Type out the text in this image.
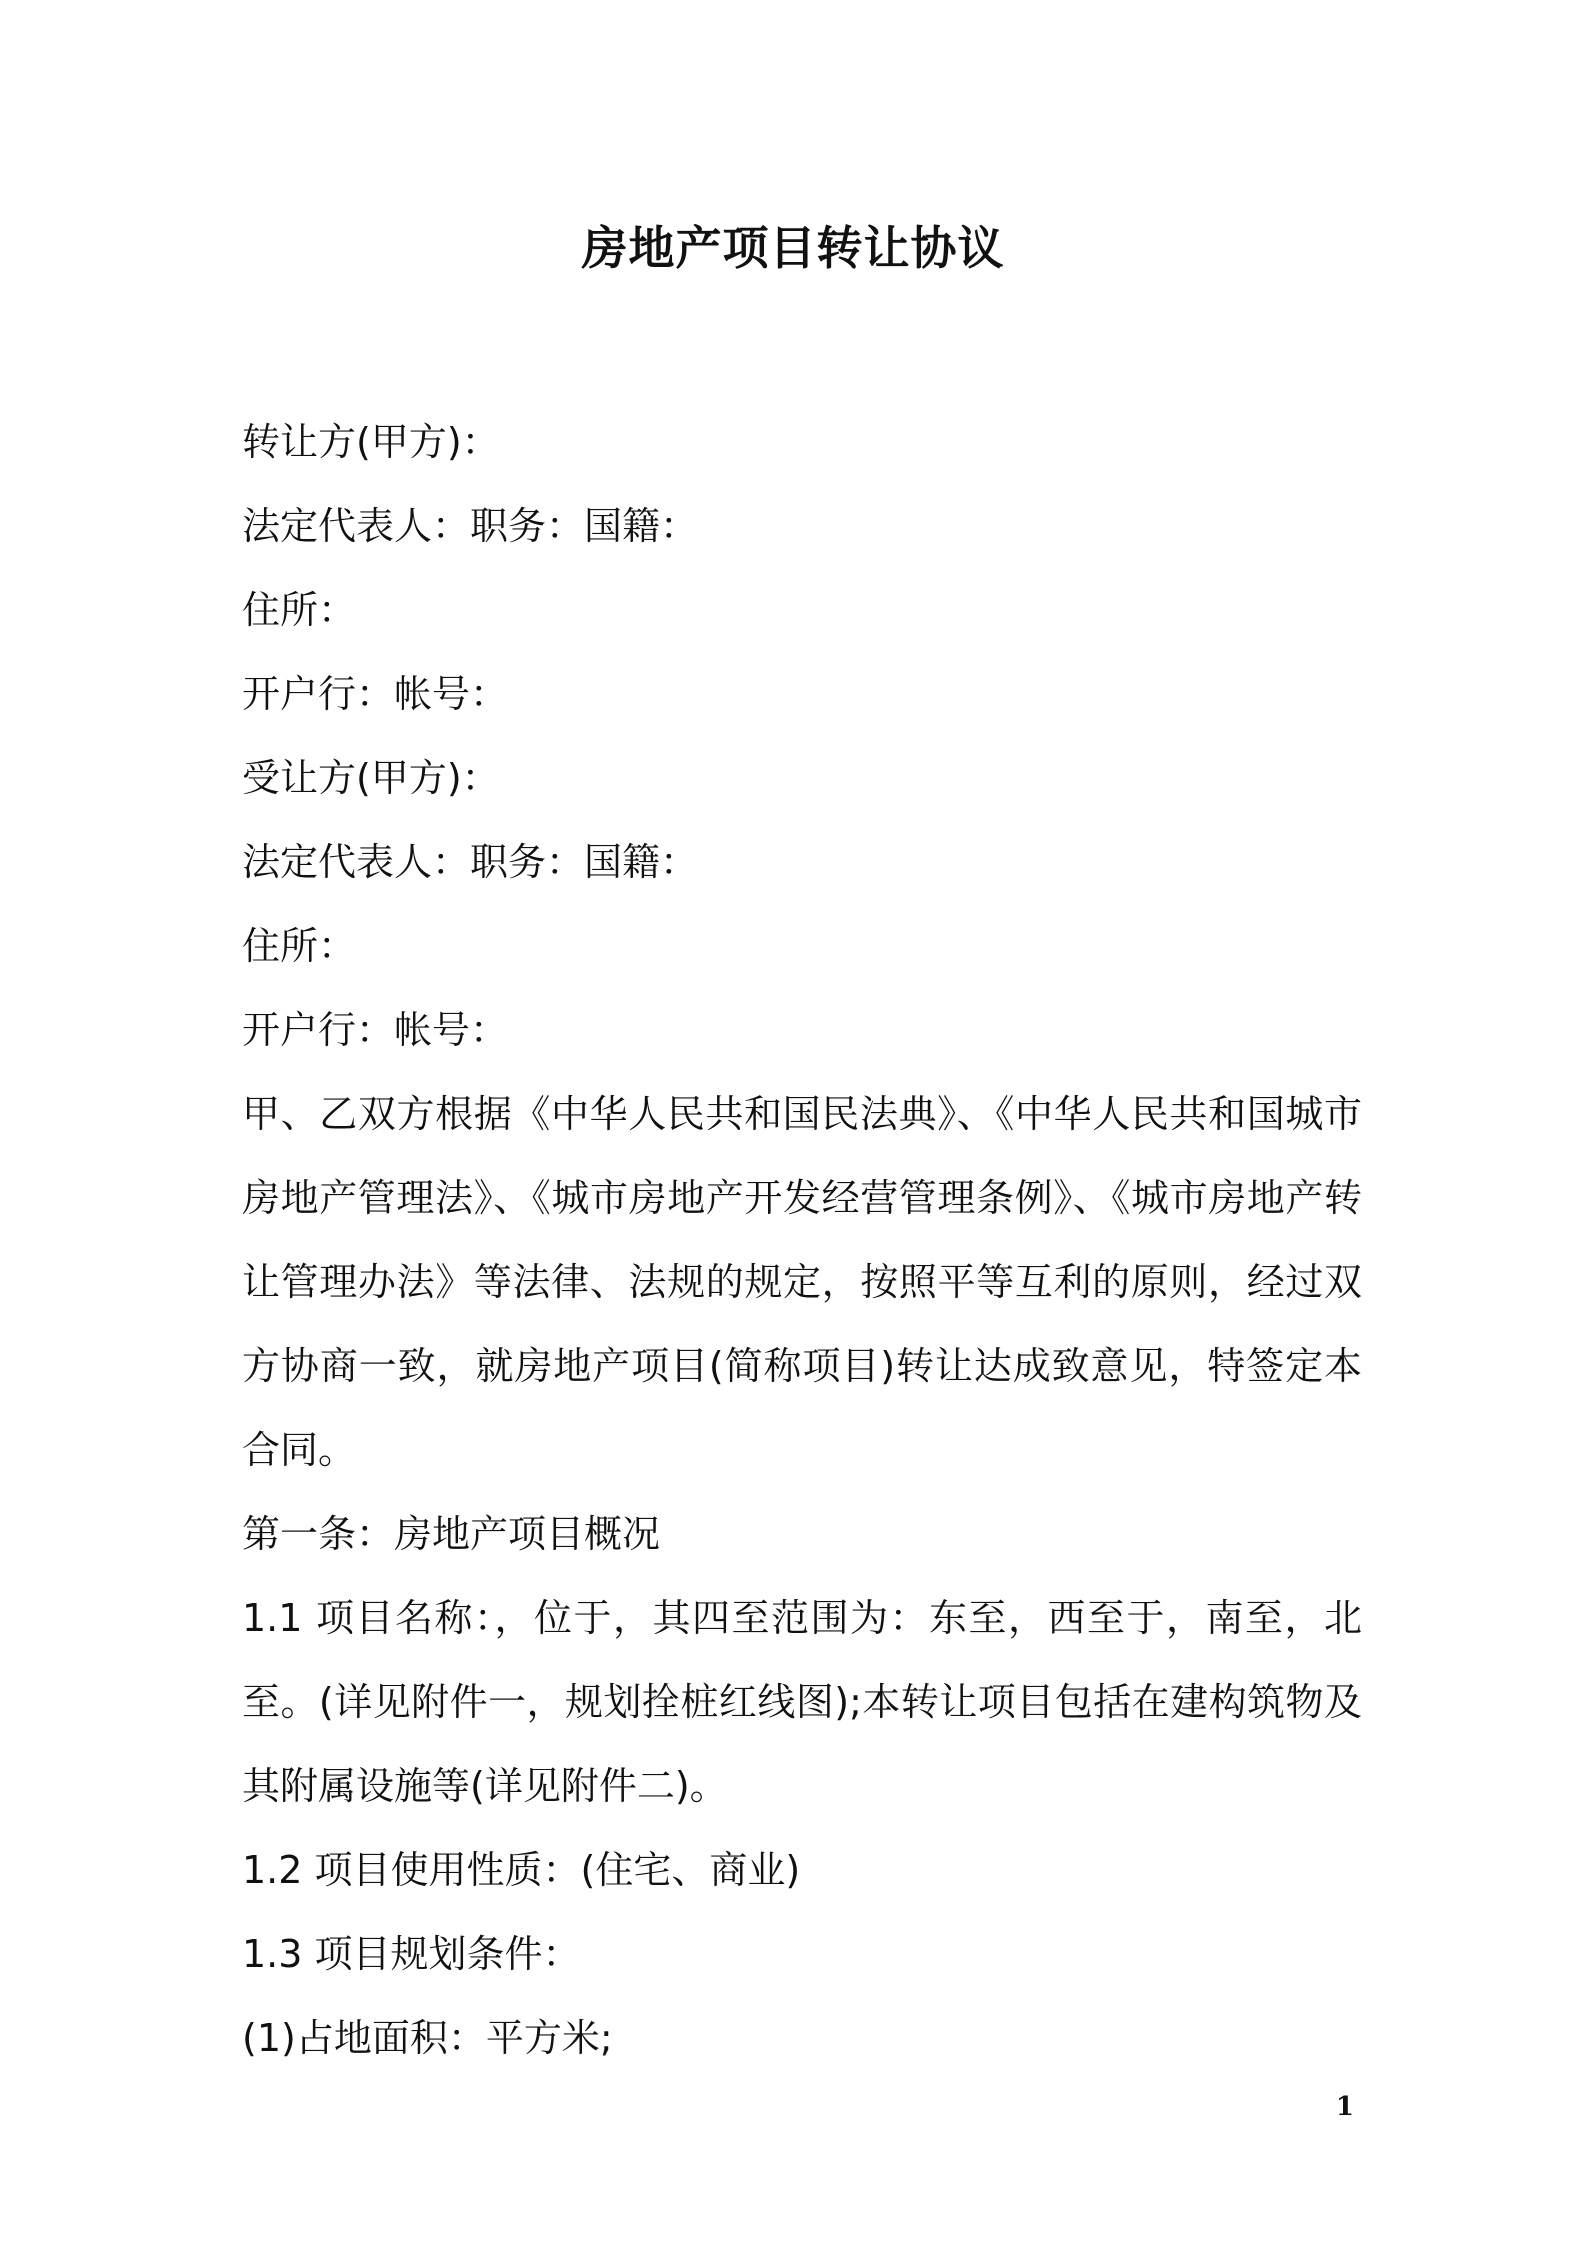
房地产项目转让协议
转让方(甲方)：
法定代表人：职务：国籍：
住所：
开户行：帐号：
受让方(甲方)：
法定代表人：职务：国籍：
住所：
开户行：帐号：
甲、乙双方根据《中华人民共和国民法典》、《中华人民共和国城市房地产管理法》、《城市房地产开发经营管理条例》、《城市房地产转让管理办法》等法律、法规的规定，按照平等互利的原则，经过双方协商一致，就房地产项目(简称项目)转让达成致意见，特签定本合同。
第一条：房地产项目概况
1.1 项目名称：，位于，其四至范围为：东至，西至于，南至，北至。(详见附件一，规划拴桩红线图);本转让项目包括在建构筑物及其附属设施等(详见附件二)。
1.2 项目使用性质：(住宅、商业)
1.3 项目规划条件：
(1)占地面积：平方米;
1
